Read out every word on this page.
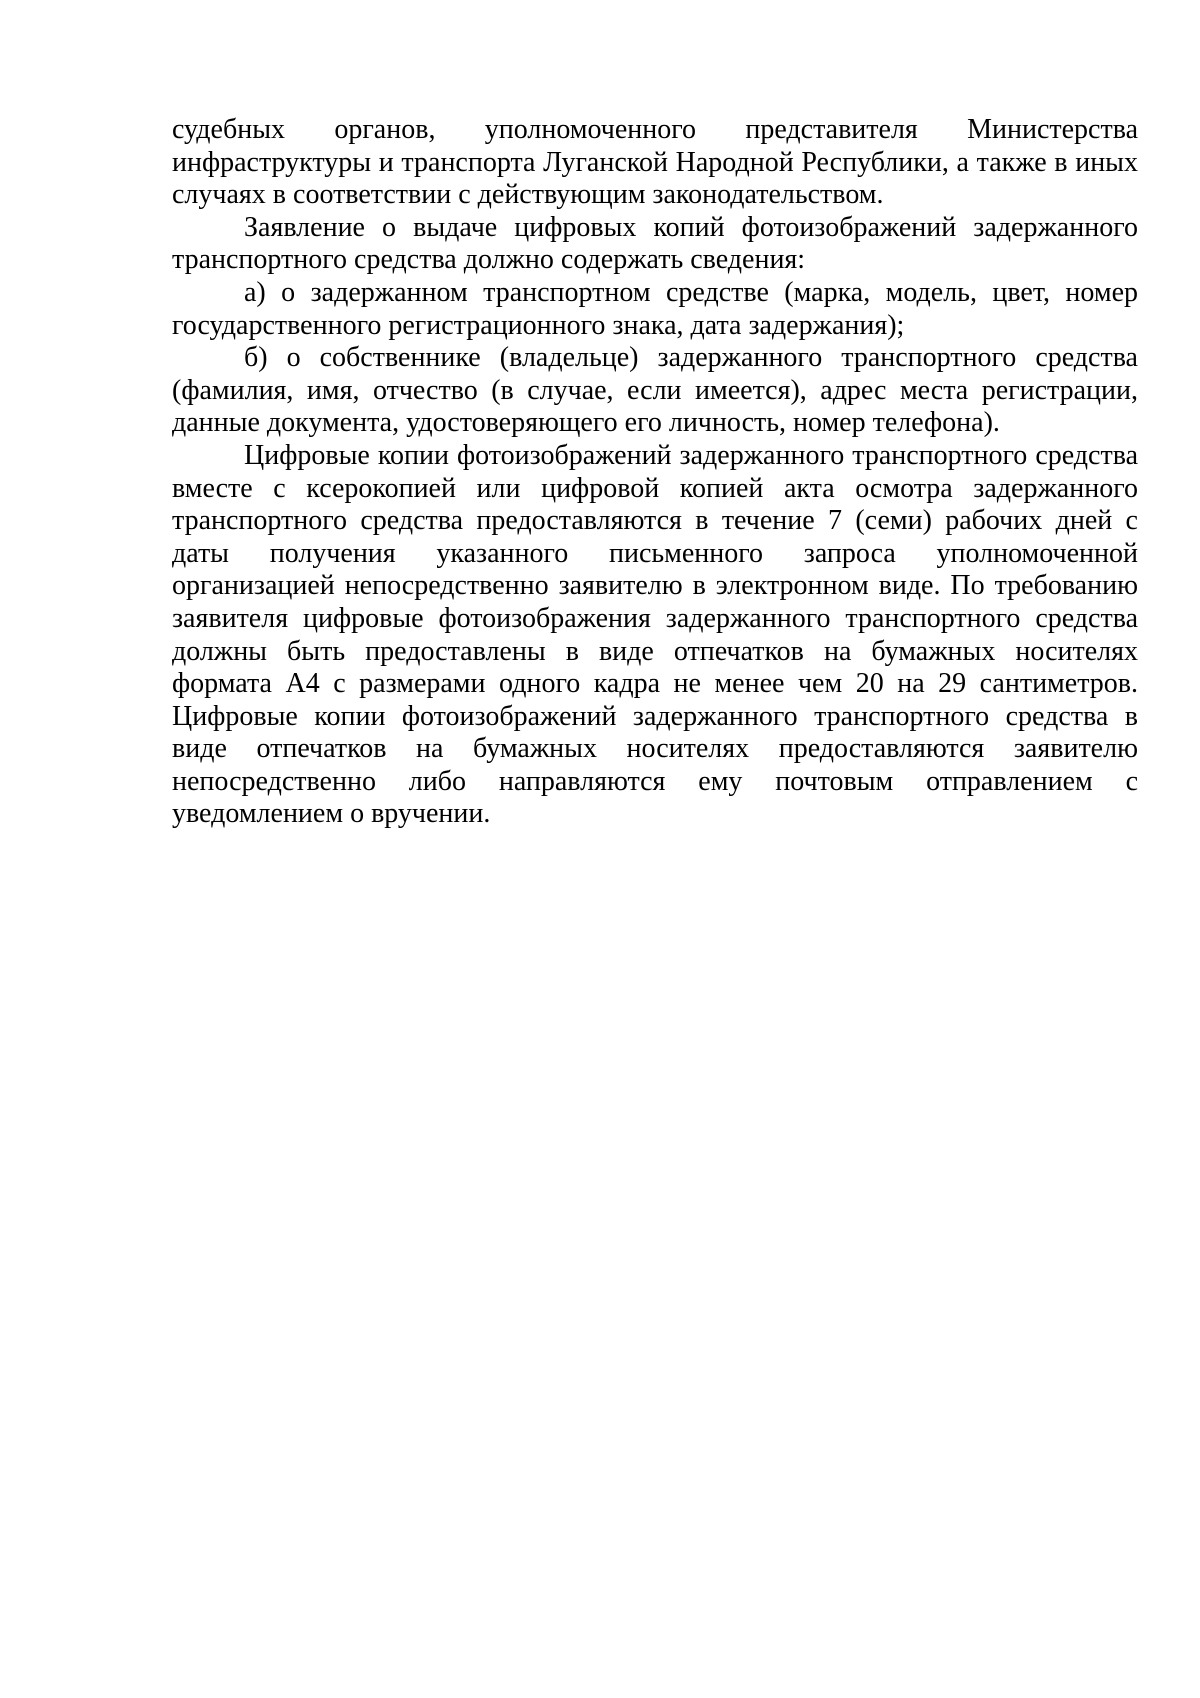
судебных органов, уполномоченного представителя Министерства инфраструктуры и транспорта Луганской Народной Республики, а также в иных случаях в соответствии с действующим законодательством.

Заявление о выдаче цифровых копий фотоизображений задержанного транспортного средства должно содержать сведения:

а) о задержанном транспортном средстве (марка, модель, цвет, номер государственного регистрационного знака, дата задержания);

б) о собственнике (владельце) задержанного транспортного средства (фамилия, имя, отчество (в случае, если имеется), адрес места регистрации, данные документа, удостоверяющего его личность, номер телефона).

Цифровые копии фотоизображений задержанного транспортного средства вместе с ксерокопией или цифровой копией акта осмотра задержанного транспортного средства предоставляются в течение 7 (семи) рабочих дней с даты получения указанного письменного запроса уполномоченной организацией непосредственно заявителю в электронном виде. По требованию заявителя цифровые фотоизображения задержанного транспортного средства должны быть предоставлены в виде отпечатков на бумажных носителях формата А4 с размерами одного кадра не менее чем 20 на 29 сантиметров. Цифровые копии фотоизображений задержанного транспортного средства в виде отпечатков на бумажных носителях предоставляются заявителю непосредственно либо направляются ему почтовым отправлением с уведомлением о вручении.
